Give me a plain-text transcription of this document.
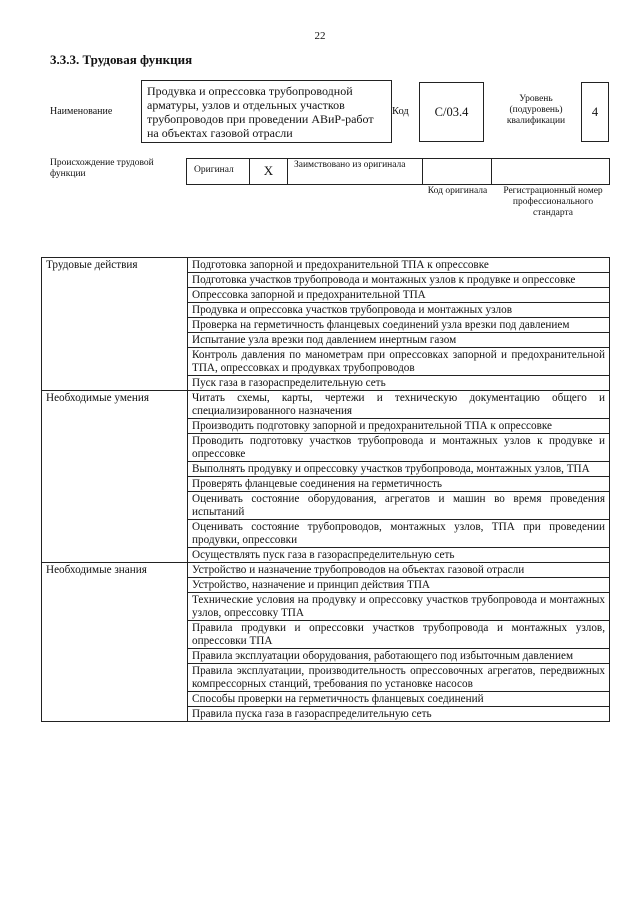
22
3.3.3. Трудовая функция
Наименование
Продувка и опрессовка трубопроводной арматуры, узлов и отдельных участков трубопроводов при проведении АВиР-работ на объектах газовой отрасли
Код	С/03.4
Уровень (подуровень) квалификации
4
Происхождение трудовой функции	Оригинал	X	Заимствовано из оригинала
Код оригинала	Регистрационный номер профессионального стандарта
Трудовые действия	Подготовка запорной и предохранительной ТПА к опрессовке
	Подготовка участков трубопровода и монтажных узлов к продувке и опрессовке
	Опрессовка запорной и предохранительной ТПА
	Продувка и опрессовка участков трубопровода и монтажных узлов
	Проверка на герметичность фланцевых соединений узла врезки под давлением
	Испытание узла врезки под давлением инертным газом
	Контроль давления по манометрам при опрессовках запорной и предохранительной ТПА, опрессовках и продувках трубопроводов
	Пуск газа в газораспределительную сеть
Необходимые умения	Читать схемы, карты, чертежи и техническую документацию общего и специализированного назначения
	Производить подготовку запорной и предохранительной ТПА к опрессовке
	Проводить подготовку участков трубопровода и монтажных узлов к продувке и опрессовке
	Выполнять продувку и опрессовку участков трубопровода, монтажных узлов, ТПА
	Проверять фланцевые соединения на герметичность
	Оценивать состояние оборудования, агрегатов и машин во время проведения испытаний
	Оценивать состояние трубопроводов, монтажных узлов, ТПА при проведении продувки, опрессовки
	Осуществлять пуск газа в газораспределительную сеть
Необходимые знания	Устройство и назначение трубопроводов на объектах газовой отрасли
	Устройство, назначение и принцип действия ТПА
	Технические условия на продувку и опрессовку участков трубопровода и монтажных узлов, опрессовку ТПА
	Правила продувки и опрессовки участков трубопровода и монтажных узлов, опрессовки ТПА
	Правила эксплуатации оборудования, работающего под избыточным давлением
	Правила эксплуатации, производительность опрессовочных агрегатов, передвижных компрессорных станций, требования по установке насосов
	Способы проверки на герметичность фланцевых соединений
	Правила пуска газа в газораспределительную сеть
